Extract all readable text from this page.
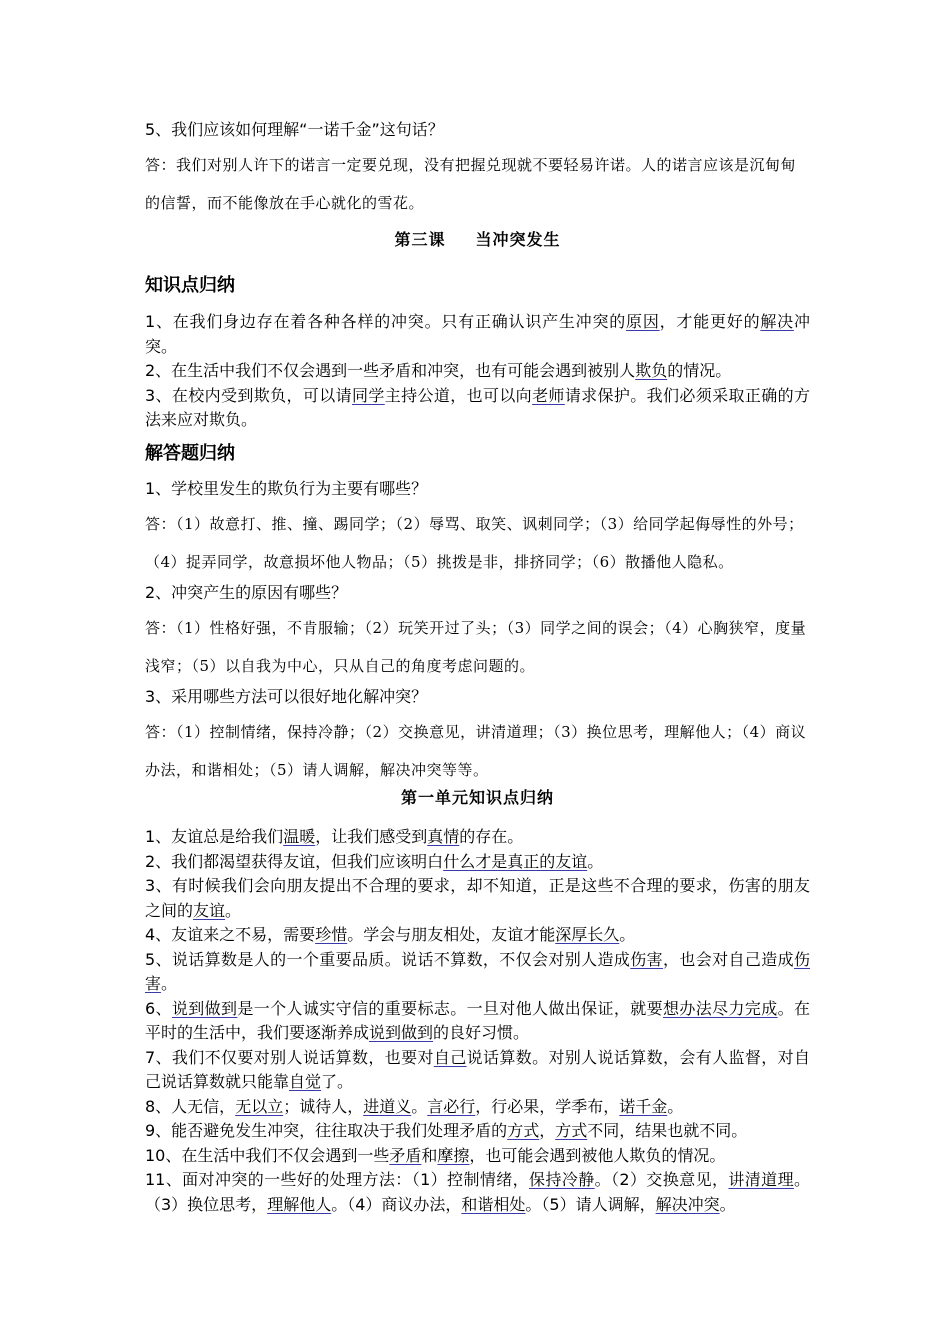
5、我们应该如何理解“一诺千金”这句话？

答：我们对别人许下的诺言一定要兑现，没有把握兑现就不要轻易许诺。人的诺言应该是沉甸甸的信誓，而不能像放在手心就化的雪花。

第三课 当冲突发生

知识点归纳

1、在我们身边存在着各种各样的冲突。只有正确认识产生冲突的原因，才能更好的解决冲突。

2、在生活中我们不仅会遇到一些矛盾和冲突，也有可能会遇到被别人欺负的情况。

3、在校内受到欺负，可以请同学主持公道，也可以向老师请求保护。我们必须采取正确的方法来应对欺负。

解答题归纳

1、学校里发生的欺负行为主要有哪些？

答：（1）故意打、推、撞、踢同学；（2）辱骂、取笑、讽刺同学；（3）给同学起侮辱性的外号；（4）捉弄同学，故意损坏他人物品；（5）挑拨是非，排挤同学；（6）散播他人隐私。

2、冲突产生的原因有哪些？

答：（1）性格好强，不肯服输；（2）玩笑开过了头；（3）同学之间的误会；（4）心胸狭窄，度量浅窄；（5）以自我为中心，只从自己的角度考虑问题的。

3、采用哪些方法可以很好地化解冲突？

答：（1）控制情绪，保持冷静；（2）交换意见，讲清道理；（3）换位思考，理解他人；（4）商议办法，和谐相处；（5）请人调解，解决冲突等等。

第一单元知识点归纳

1、友谊总是给我们温暖，让我们感受到真情的存在。

2、我们都渴望获得友谊，但我们应该明白什么才是真正的友谊。

3、有时候我们会向朋友提出不合理的要求，却不知道，正是这些不合理的要求，伤害的朋友之间的友谊。

4、友谊来之不易，需要珍惜。学会与朋友相处，友谊才能深厚长久。

5、说话算数是人的一个重要品质。说话不算数，不仅会对别人造成伤害，也会对自己造成伤害。

6、说到做到是一个人诚实守信的重要标志。一旦对他人做出保证，就要想办法尽力完成。在平时的生活中，我们要逐渐养成说到做到的良好习惯。

7、我们不仅要对别人说话算数，也要对自己说话算数。对别人说话算数，会有人监督，对自己说话算数就只能靠自觉了。

8、人无信，无以立；诚待人，进道义。言必行，行必果，学季布，诺千金。

9、能否避免发生冲突，往往取决于我们处理矛盾的方式，方式不同，结果也就不同。

10、在生活中我们不仅会遇到一些矛盾和摩擦，也可能会遇到被他人欺负的情况。

11、面对冲突的一些好的处理方法：（1）控制情绪，保持冷静。（2）交换意见，讲清道理。（3）换位思考，理解他人。（4）商议办法，和谐相处。（5）请人调解，解决冲突。
